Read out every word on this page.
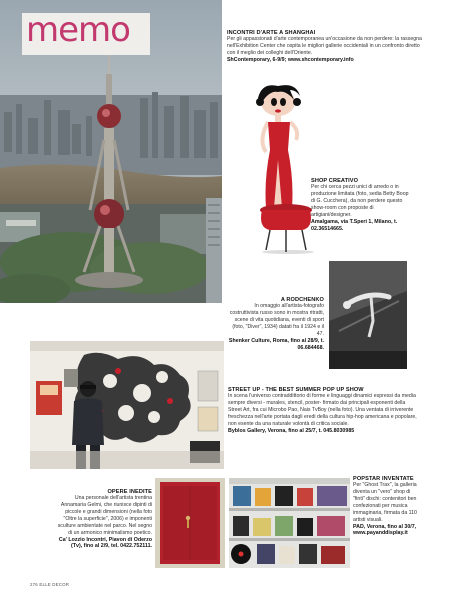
memo	INCONTRI D'ARTE A SHANGHAI
Per gli appassionati d'arte contemporanea un'occasione da non perdere: la rassegna nell'Exhibition Center che ospita le migliori gallerie occidentali in un confronto diretto con il meglio dei colleghi dell'Oriente.
ShContemporary, 6-9/9; www.shcontemporary.info
SHOP CREATIVO
Per chi cerca pezzi unici di arredo o in produzione limitata (foto, sedia Betty Boop di G. Cucchera), da non perdere questo show-room con proposte di artigiani/designer.
Amalgama, via T.Speri 1, Milano, t. 02.36514665.
A RODCHENKO
In omaggio all'artista-fotografo costruttivista russo sono in mostra ritratti, scene di vita quotidiana, eventi di sport (foto, "Diver", 1934) datati fra il 1924 e il 47.
Shenker Culture, Roma, fino al 28/9, t. 06.684468.
STREET UP - THE BEST SUMMER POP UP SHOW
In scena l'universo contraddittorio di forme e linguaggi dinamici espressi da media sempre diversi - murales, stencil, poster- firmato dai principali esponenti della Street Art, fra cui Microbo Pao, Nais TvBoy (nella foto). Una ventata di irriverente freschezza nell'arte portata dagli eredi della cultura hip-hop americana e popolare, non esente da una naturale volontà di critica sociale.
Byblos Gallery, Verona, fino al 25/7, t. 045.8030985
OPERE INEDITE
Una personale dell'artista trentina Annamaria Gelmi, che riunisce dipinti di piccole e grandi dimensioni (nella foto "Oltre la superficie", 2006) e imponenti sculture ambientate nel parco. Nel segno di un armonico minimalismo poetico.
Ca' Lozzio Incontri, Piavon di Oderzo (Tv), fino al 2/9, tel. 0422.752111.
POPSTAR INVENTATE
Per "Ghost Trax", la galleria diventa un "vero" shop di "finti" dischi: contenitori ben confezionati per musica immaginaria, firmata da 110 artisti visuali.
PAD, Verona, fino al 30/7, www.payanddisplay.it
276 ELLE DECOR
